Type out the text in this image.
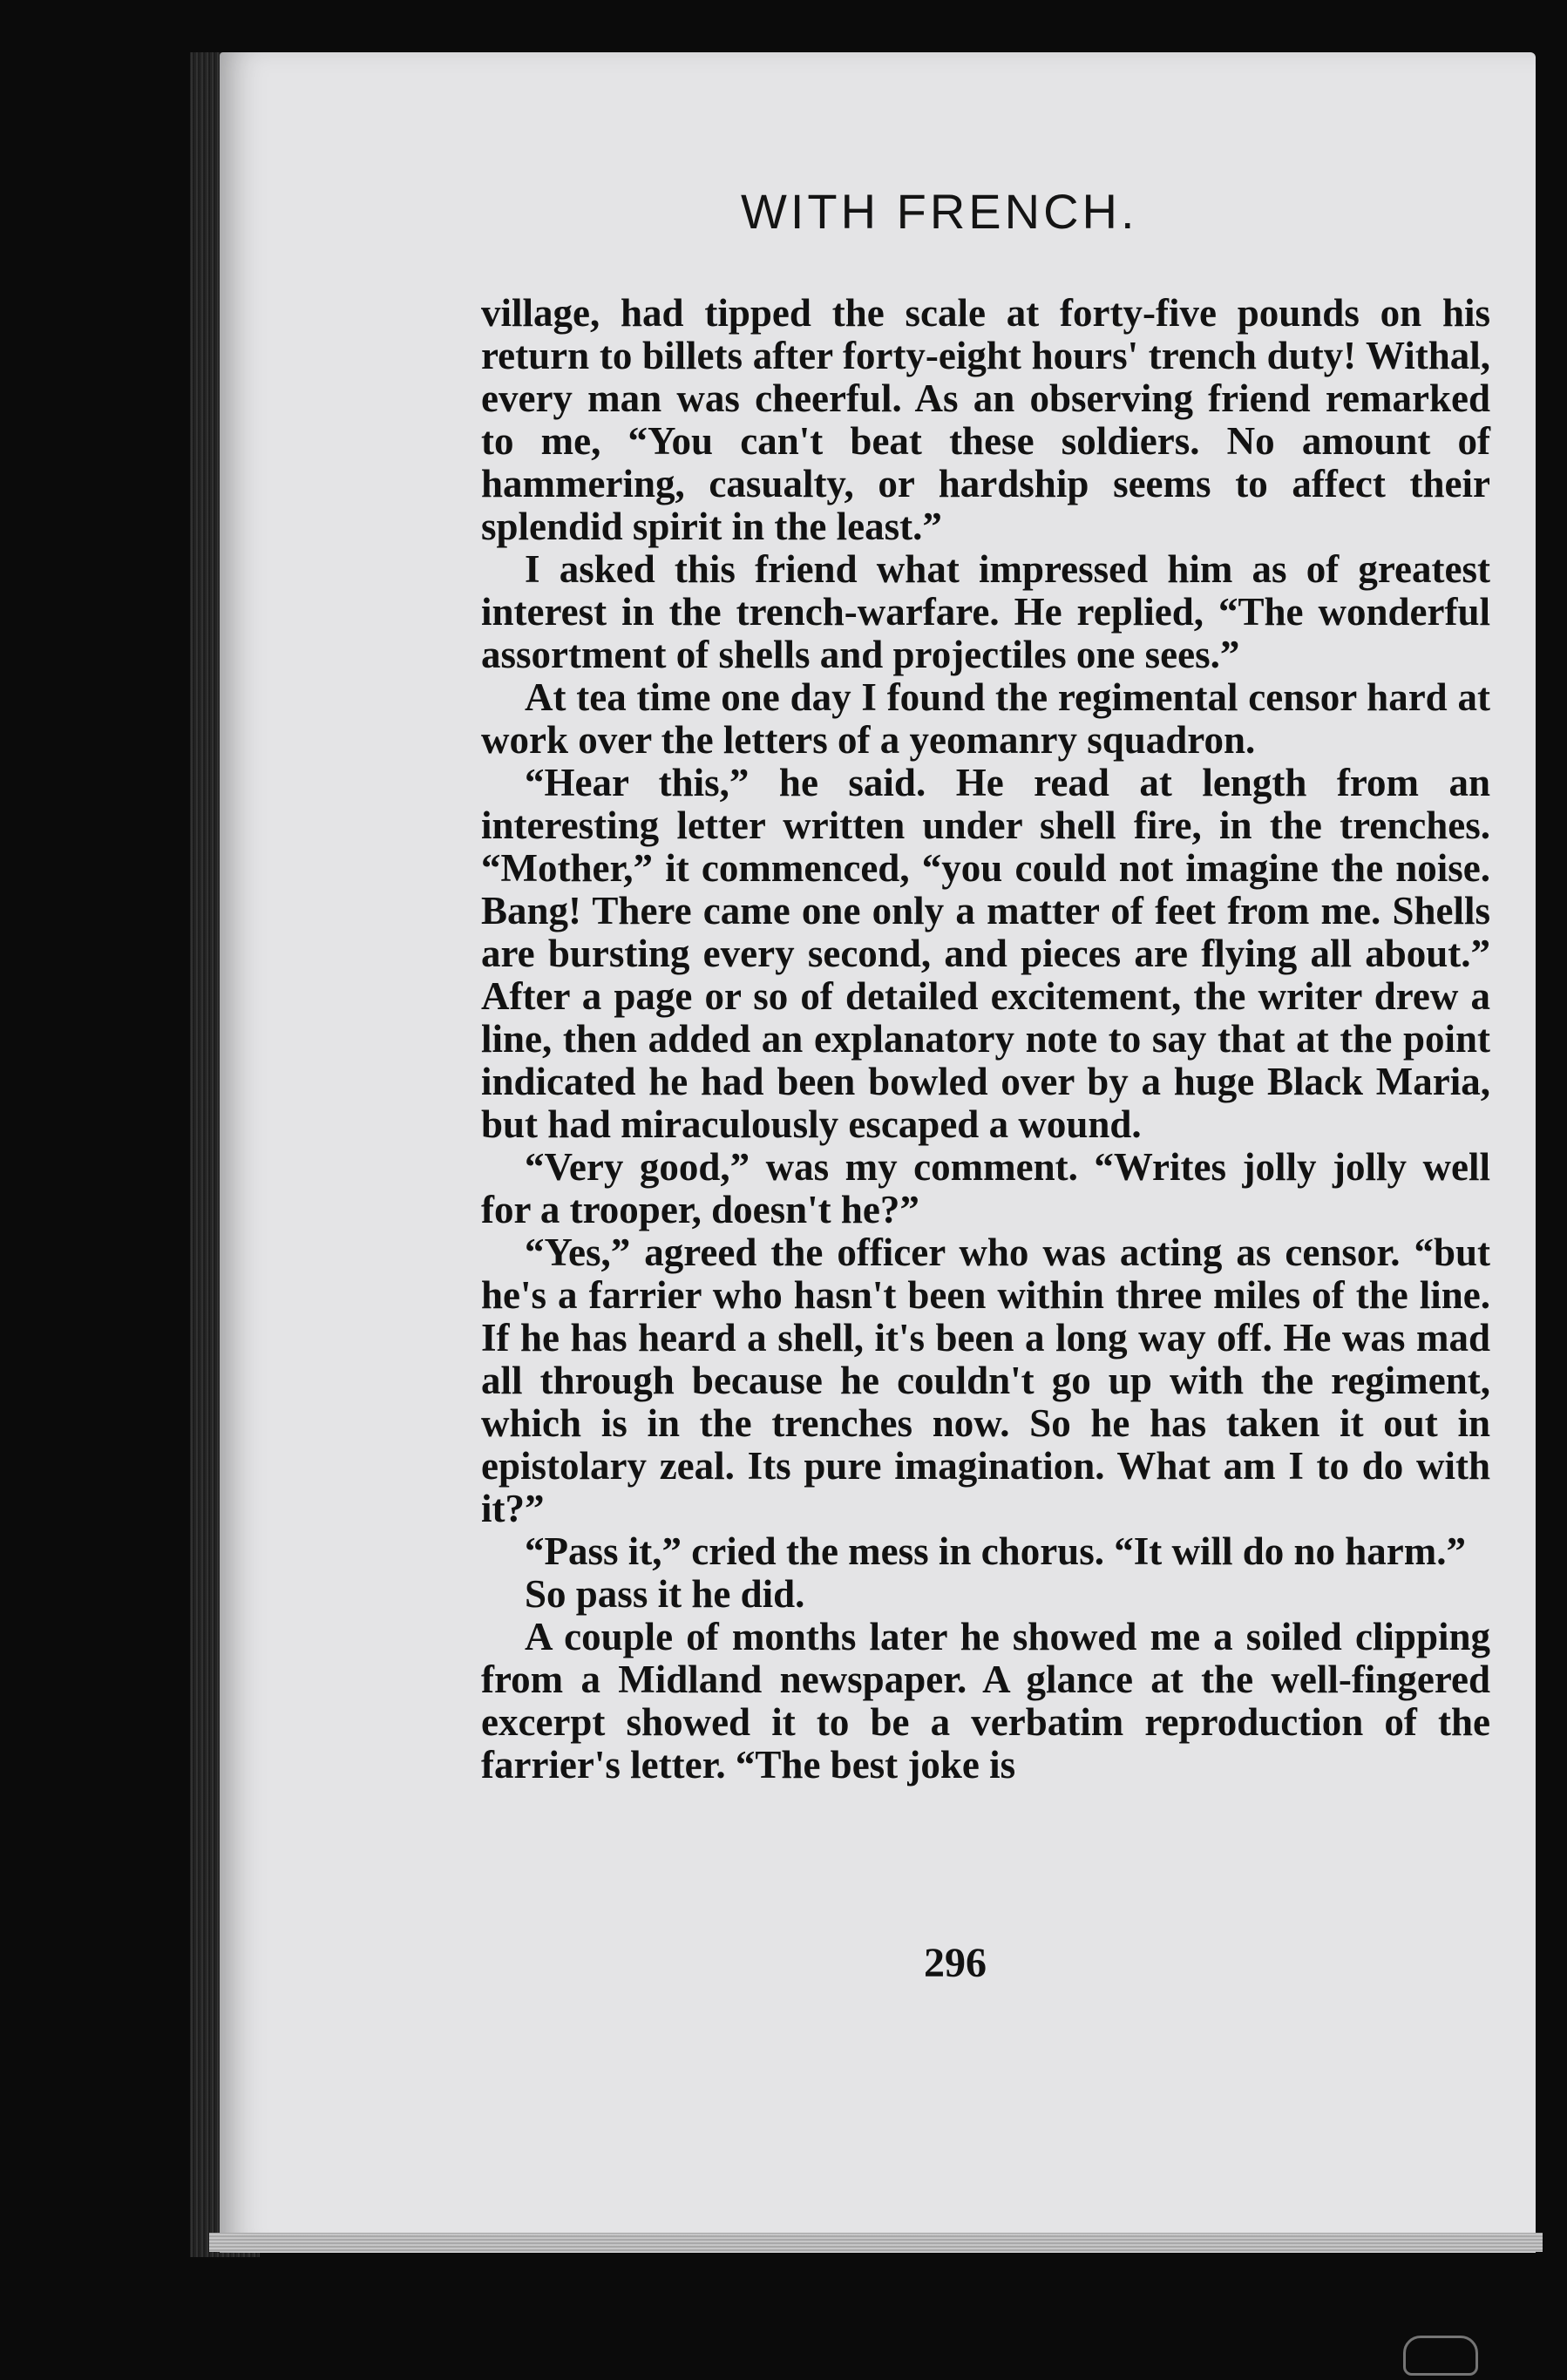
WITH FRENCH.

village, had tipped the scale at forty-five pounds on his return to billets after forty-eight hours' trench duty! Withal, every man was cheerful. As an observing friend remarked to me, “You can't beat these soldiers. No amount of hammering, casualty, or hardship seems to affect their splendid spirit in the least.”

I asked this friend what impressed him as of greatest interest in the trench-warfare. He replied, “The wonderful assortment of shells and projectiles one sees.”

At tea time one day I found the regimental censor hard at work over the letters of a yeomanry squadron.

“Hear this,” he said. He read at length from an interesting letter written under shell fire, in the trenches. “Mother,” it commenced, “you could not imagine the noise. Bang! There came one only a matter of feet from me. Shells are bursting every second, and pieces are flying all about.” After a page or so of detailed excitement, the writer drew a line, then added an explanatory note to say that at the point indicated he had been bowled over by a huge Black Maria, but had miraculously escaped a wound.

“Very good,” was my comment. “Writes jolly jolly well for a trooper, doesn't he?”

“Yes,” agreed the officer who was acting as censor. “but he's a farrier who hasn't been within three miles of the line. If he has heard a shell, it's been a long way off. He was mad all through because he couldn't go up with the regiment, which is in the trenches now. So he has taken it out in epistolary zeal. Its pure imagination. What am I to do with it?”

“Pass it,” cried the mess in chorus. “It will do no harm.”

So pass it he did.

A couple of months later he showed me a soiled clipping from a Midland newspaper. A glance at the well-fingered excerpt showed it to be a verbatim reproduction of the farrier's letter. “The best joke is

296
